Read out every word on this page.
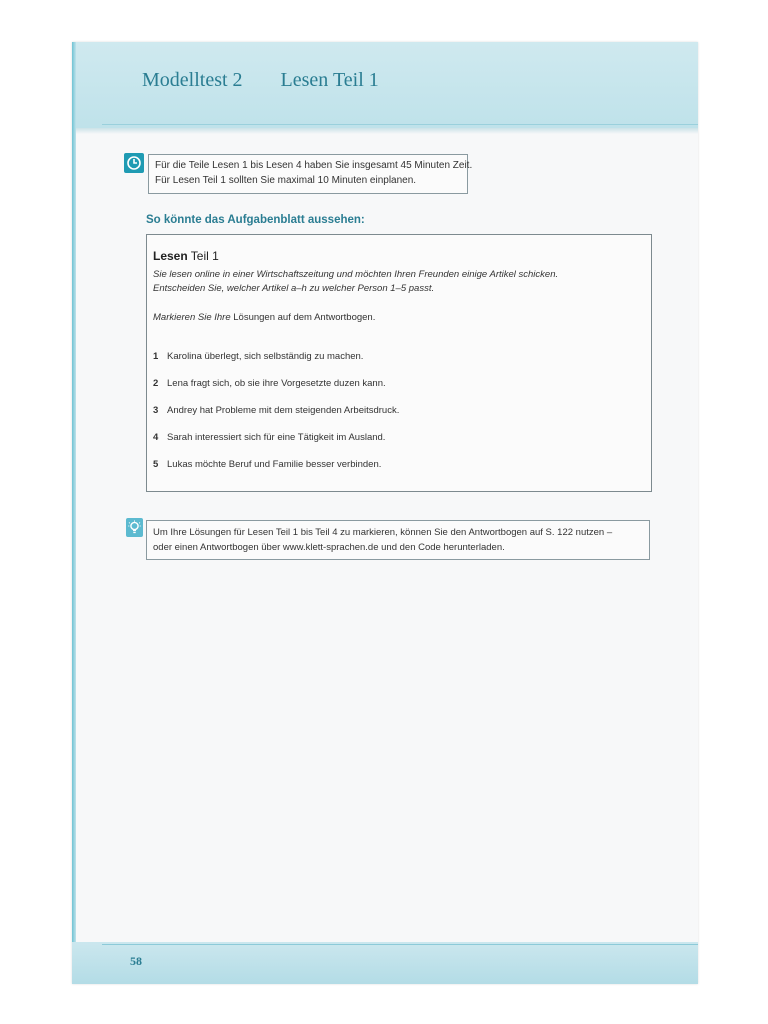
Modelltest 2 Lesen Teil 1

Für die Teile Lesen 1 bis Lesen 4 haben Sie insgesamt 45 Minuten Zeit.

Für Lesen Teil 1 sollten Sie maximal 10 Minuten einplanen.

So könnte das Aufgabenblatt aussehen:
Lesen Teil 1
Sie lesen online in einer Wirtschaftszeitung und möchten Ihren Freunden einige Artikel schicken.
Entscheiden Sie, welcher Artikel a–h zu welcher Person 1–5 passt.
Markieren Sie Ihre Lösungen auf dem Antwortbogen.
1 Karolina überlegt, sich selbständig zu machen.
2 Lena fragt sich, ob sie ihre Vorgesetzte duzen kann.
3 Andrey hat Probleme mit dem steigenden Arbeitsdruck.
4 Sarah interessiert sich für eine Tätigkeit im Ausland.
5 Lukas möchte Beruf und Familie besser verbinden.

Um Ihre Lösungen für Lesen Teil 1 bis Teil 4 zu markieren, können Sie den Antwortbogen auf S. 122 nutzen –

oder einen Antwortbogen über www.klett-sprachen.de und den Code herunterladen.

58
